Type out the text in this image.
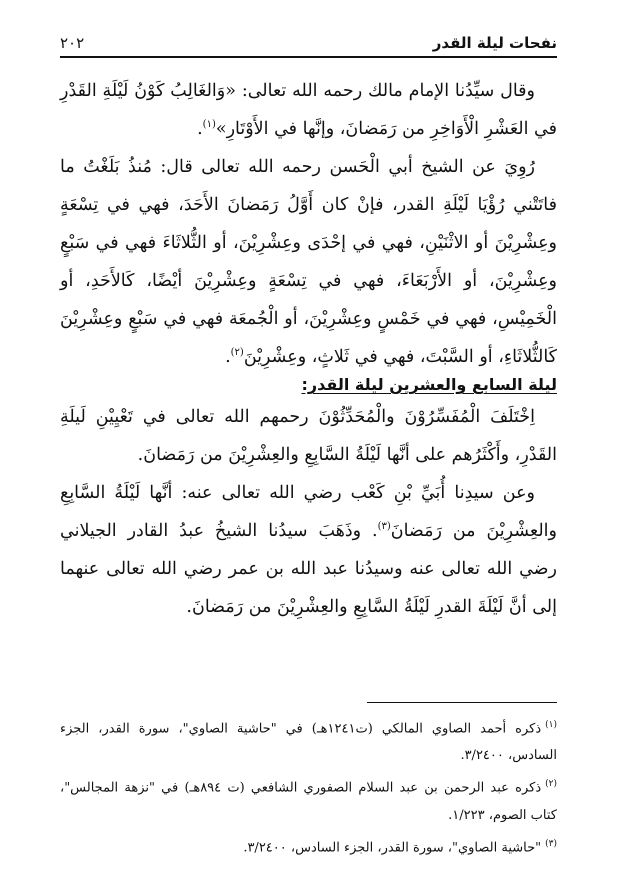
نفحات ليلة القدر
٢٠٢

وقال سيِّدُنا الإمام مالك رحمه الله تعالى: «وَالغَالِبُ كَوْنُ لَيْلَةِ القَدْرِ في العَشْرِ الْأَوَاخِرِ من رَمَضانَ، وإنَّها في الأَوْتَارِ»$^{(١)}$.

رُوِيَ عن الشيخ أبي الْحَسن رحمه الله تعالى قال: مُنذُ بَلَغْتُ ما فاتَتْني رُؤْيَا لَيْلَةِ القدر، فإنْ كان أَوَّلُ رَمَضانَ الأَحَدَ، فهي في تِسْعَةٍ وعِشْرِيْنَ أو الاثْنَيْنِ، فهي في إحْدَى وعِشْرِيْنَ، أو الثُّلاثَاءَ فهي في سَبْعٍ وعِشْرِيْنَ، أو الأَرْبَعَاءَ، فهي في تِسْعَةٍ وعِشْرِيْنَ أيْضًا، كَالأَحَدِ، أو الْخَمِيْسِ، فهي في خَمْسٍ وعِشْرِيْنَ، أو الْجُمعَة فهي في سَبْعٍ وعِشْرِيْنَ كَالثُّلاثَاءِ، أو السَّبْتَ، فهي في ثَلاثٍ، وعِشْرِيْنَ$^{(٢)}$.

ليلة السابع والعشرين ليلة القدر:

اِخْتَلَفَ الْمُفَسِّرُوْنَ والْمُحَدِّثُوْنَ رحمهم الله تعالى في تَعْيِيْنِ لَيلَةِ القَدْرِ، وأَكْثَرُهم على أنَّها لَيْلَةُ السَّابِعِ والعِشْرِيْنَ من رَمَضانَ.

وعن سيدِنا أُبَيِّ بْنِ كَعْب رضي الله تعالى عنه: أنَّها لَيْلَةُ السَّابِعِ والعِشْرِيْنَ من رَمَضانَ$^{(٣)}$. وذَهَبَ سيدُنا الشيخُ عبدُ القادر الجيلاني رضي الله تعالى عنه وسيدُنا عبد الله بن عمر رضي الله تعالى عنهما إلى أنَّ لَيْلَةَ القدرِ لَيْلَةُ السَّابِعِ والعِشْرِيْنَ من رَمَضانَ.

$^{(١)}$ذكره أحمد الصاوي المالكي (ت١٢٤١هـ) في "حاشية الصاوي"، سورة القدر، الجزء السادس، ٣/٢٤٠٠.

$^{(٢)}$ذكره عبد الرحمن بن عبد السلام الصفوري الشافعي (ت ٨٩٤هـ) في "نزهة المجالس"، كتاب الصوم، ١/٢٢٣.

$^{(٣)}$"حاشية الصاوي"، سورة القدر، الجزء السادس، ٣/٢٤٠٠.
